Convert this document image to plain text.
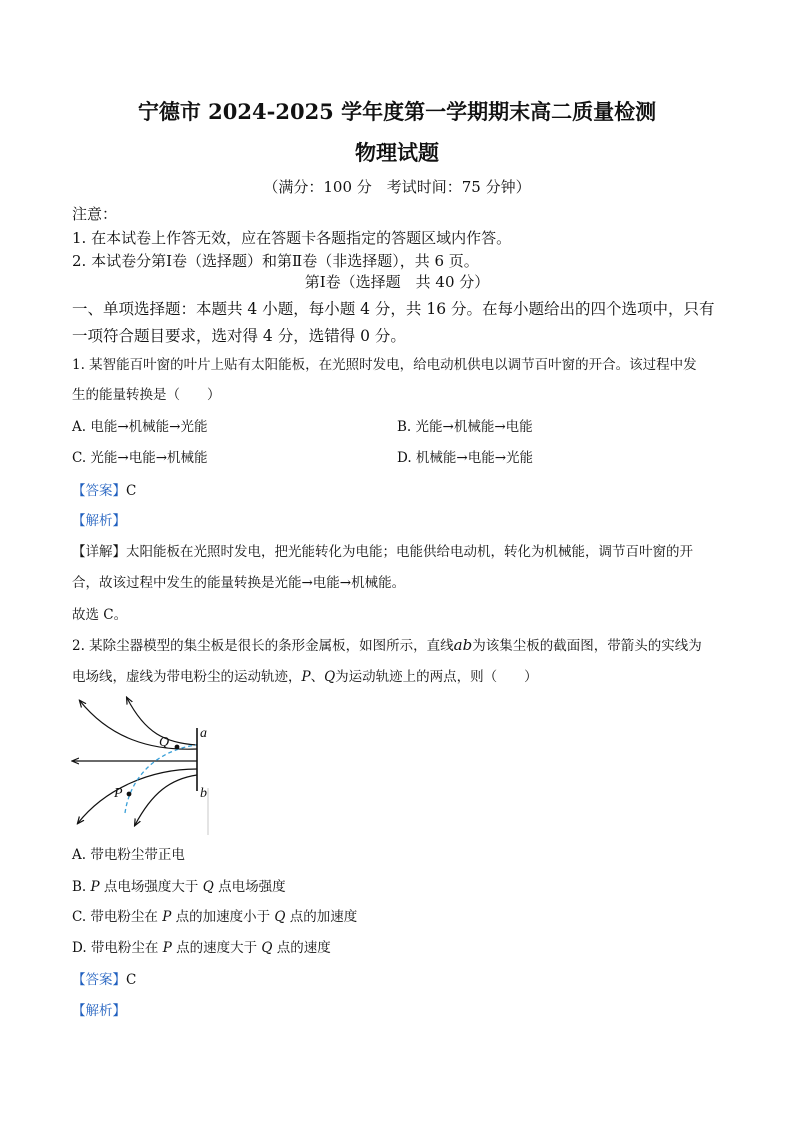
宁德市 2024-2025 学年度第一学期期末高二质量检测
物理试题
（满分：100 分　考试时间：75 分钟）
注意：
1. 在本试卷上作答无效，应在答题卡各题指定的答题区域内作答。
2. 本试卷分第Ⅰ卷（选择题）和第Ⅱ卷（非选择题），共 6 页。
第Ⅰ卷（选择题　共 40 分）
一、单项选择题：本题共 4 小题，每小题 4 分，共 16 分。在每小题给出的四个选项中，只有
一项符合题目要求，选对得 4 分，选错得 0 分。
1. 某智能百叶窗的叶片上贴有太阳能板，在光照时发电，给电动机供电以调节百叶窗的开合。该过程中发
生的能量转换是（　　）
A. 电能→机械能→光能	B. 光能→机械能→电能
C. 光能→电能→机械能	D. 机械能→电能→光能
【答案】C
【解析】
【详解】太阳能板在光照时发电，把光能转化为电能；电能供给电动机，转化为机械能，调节百叶窗的开
合，故该过程中发生的能量转换是光能→电能→机械能。
故选 C。
2. 某除尘器模型的集尘板是很长的条形金属板，如图所示，直线ab为该集尘板的截面图，带箭头的实线为
电场线，虚线为带电粉尘的运动轨迹，P、Q为运动轨迹上的两点，则（　　）
Q
P
a
b
A. 带电粉尘带正电
B. P 点电场强度大于 Q 点电场强度
C. 带电粉尘在 P 点的加速度小于 Q 点的加速度
D. 带电粉尘在 P 点的速度大于 Q 点的速度
【答案】C
【解析】
